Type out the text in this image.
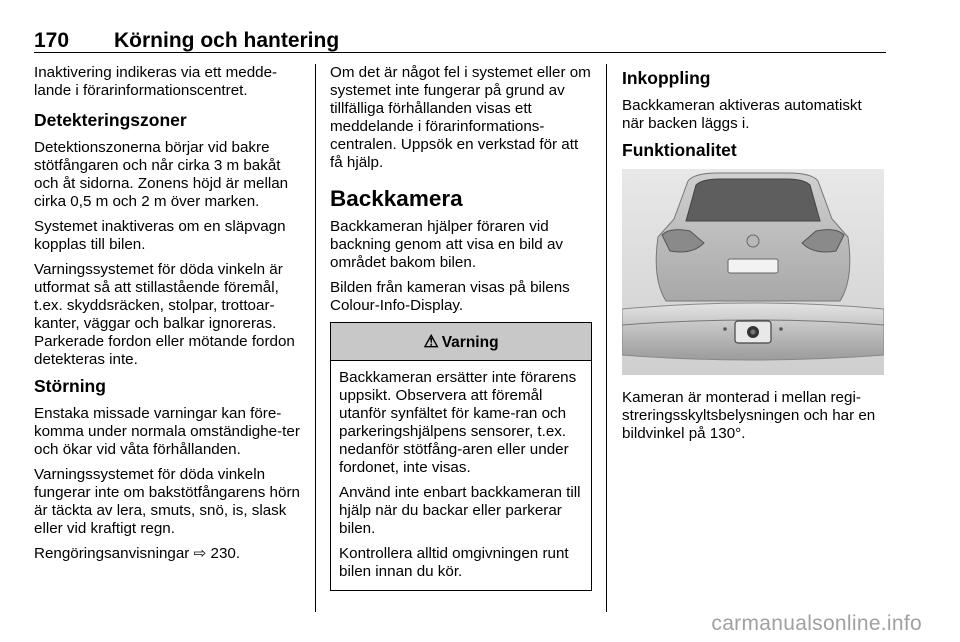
170 Körning och hantering

Inaktivering indikeras via ett medde-lande i förarinformationscentret.

Detekteringszoner

Detektionszonerna börjar vid bakre stötfångaren och når cirka 3 m bakåt och åt sidorna. Zonens höjd är mellan cirka 0,5 m och 2 m över marken.

Systemet inaktiveras om en släpvagn kopplas till bilen.

Varningssystemet för döda vinkeln är utformat så att stillastående föremål, t.ex. skyddsräcken, stolpar, trottoar-kanter, väggar och balkar ignoreras. Parkerade fordon eller mötande fordon detekteras inte.

Störning

Enstaka missade varningar kan före-komma under normala omständighe-ter och ökar vid våta förhållanden.

Varningssystemet för döda vinkeln fungerar inte om bakstötfångarens hörn är täckta av lera, smuts, snö, is, slask eller vid kraftigt regn.

Rengöringsanvisningar ⇨ 230.

Om det är något fel i systemet eller om systemet inte fungerar på grund av tillfälliga förhållanden visas ett meddelande i förarinformations-centralen. Uppsök en verkstad för att få hjälp.

Backkamera

Backkameran hjälper föraren vid backning genom att visa en bild av området bakom bilen.

Bilden från kameran visas på bilens Colour-Info-Display.

⚠ Varning

Backkameran ersätter inte förarens uppsikt. Observera att föremål utanför synfältet för kame-ran och parkeringshjälpens sensorer, t.ex. nedanför stötfång-aren eller under fordonet, inte visas.

Använd inte enbart backkameran till hjälp när du backar eller parkerar bilen.

Kontrollera alltid omgivningen runt bilen innan du kör.

Inkoppling

Backkameran aktiveras automatiskt när backen läggs i.

Funktionalitet

Kameran är monterad i mellan regi-streringsskyltsbelysningen och har en bildvinkel på 130°.

carmanualsonline.info
